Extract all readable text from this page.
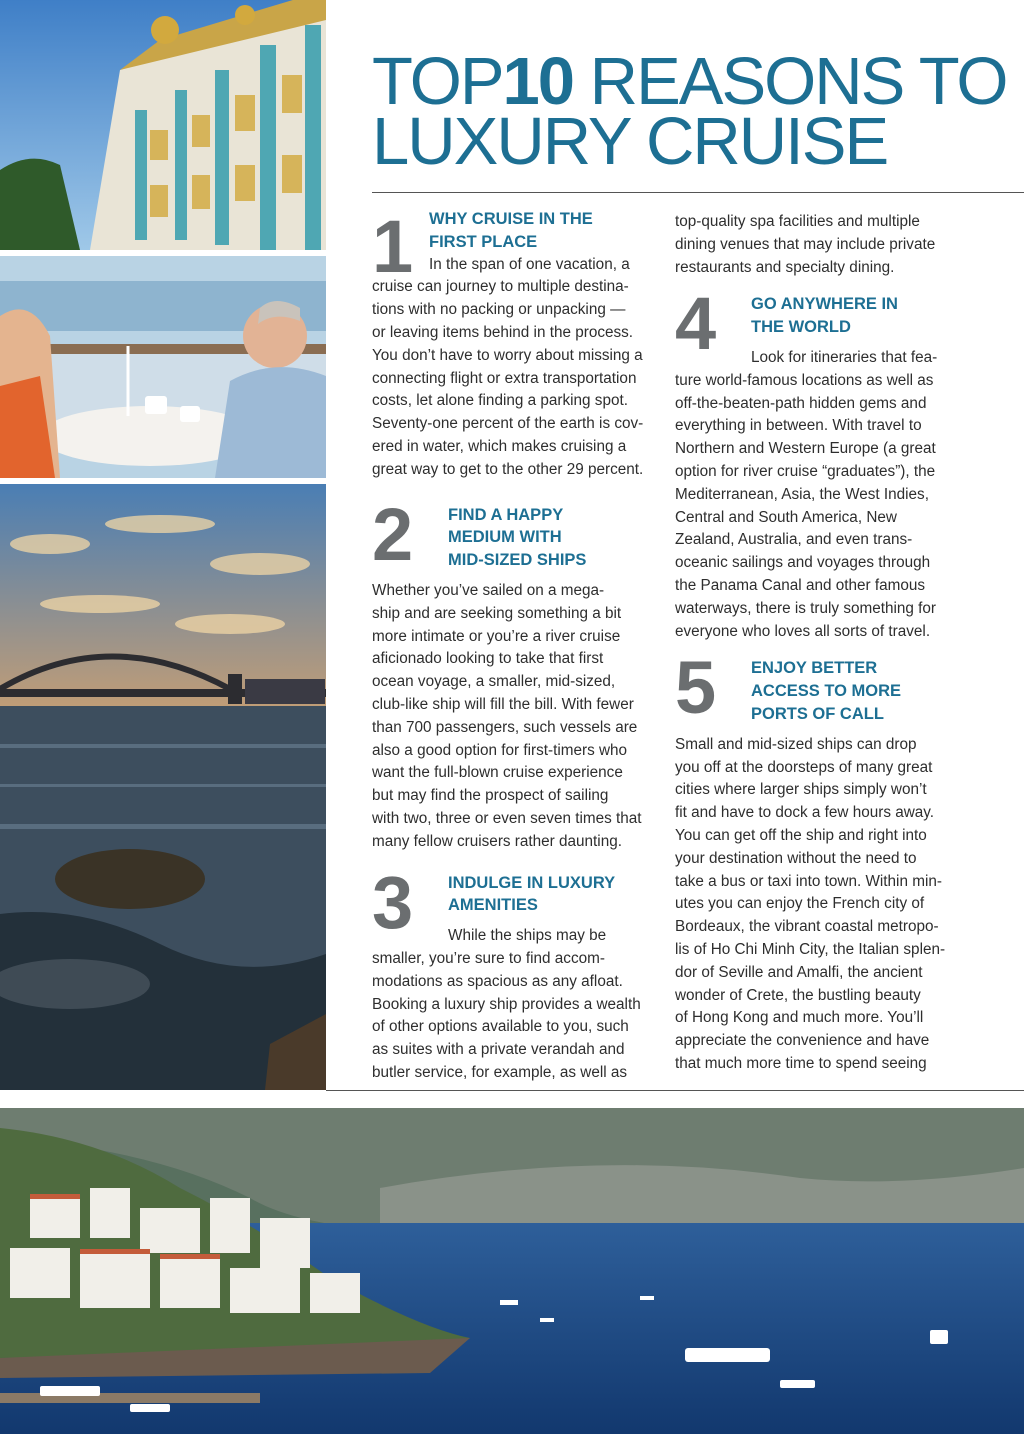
TOP10 REASONS TO
LUXURY CRUISE
1 WHY CRUISE IN THE
FIRST PLACE

In the span of one vacation, a

cruise can journey to multiple destina-

tions with no packing or unpacking —

or leaving items behind in the process.

You don’t have to worry about missing a

connecting flight or extra transportation

costs, let alone finding a parking spot.

Seventy-one percent of the earth is cov-

ered in water, which makes cruising a

great way to get to the other 29 percent.

2 FIND A HAPPY
MEDIUM WITH
MID-SIZED SHIPS

Whether you’ve sailed on a mega-

ship and are seeking something a bit

more intimate or you’re a river cruise

aficionado looking to take that first

ocean voyage, a smaller, mid-sized,

club-like ship will fill the bill. With fewer

than 700 passengers, such vessels are

also a good option for first-timers who

want the full-blown cruise experience

but may find the prospect of sailing

with two, three or even seven times that

many fellow cruisers rather daunting.

3 INDULGE IN LUXURY
AMENITIES

While the ships may be

smaller, you’re sure to find accom-

modations as spacious as any afloat.

Booking a luxury ship provides a wealth

of other options available to you, such

as suites with a private verandah and

butler service, for example, as well as

top-quality spa facilities and multiple

dining venues that may include private

restaurants and specialty dining.

4 GO ANYWHERE IN
THE WORLD

Look for itineraries that fea-

ture world-famous locations as well as

off-the-beaten-path hidden gems and

everything in between. With travel to

Northern and Western Europe (a great

option for river cruise “graduates”), the

Mediterranean, Asia, the West Indies,

Central and South America, New

Zealand, Australia, and even trans-

oceanic sailings and voyages through

the Panama Canal and other famous

waterways, there is truly something for

everyone who loves all sorts of travel.

5 ENJOY BETTER
ACCESS TO MORE
PORTS OF CALL

Small and mid-sized ships can drop

you off at the doorsteps of many great

cities where larger ships simply won’t

fit and have to dock a few hours away.

You can get off the ship and right into

your destination without the need to

take a bus or taxi into town. Within min-

utes you can enjoy the French city of

Bordeaux, the vibrant coastal metropo-

lis of Ho Chi Minh City, the Italian splen-

dor of Seville and Amalfi, the ancient

wonder of Crete, the bustling beauty

of Hong Kong and much more. You’ll

appreciate the convenience and have

that much more time to spend seeing
